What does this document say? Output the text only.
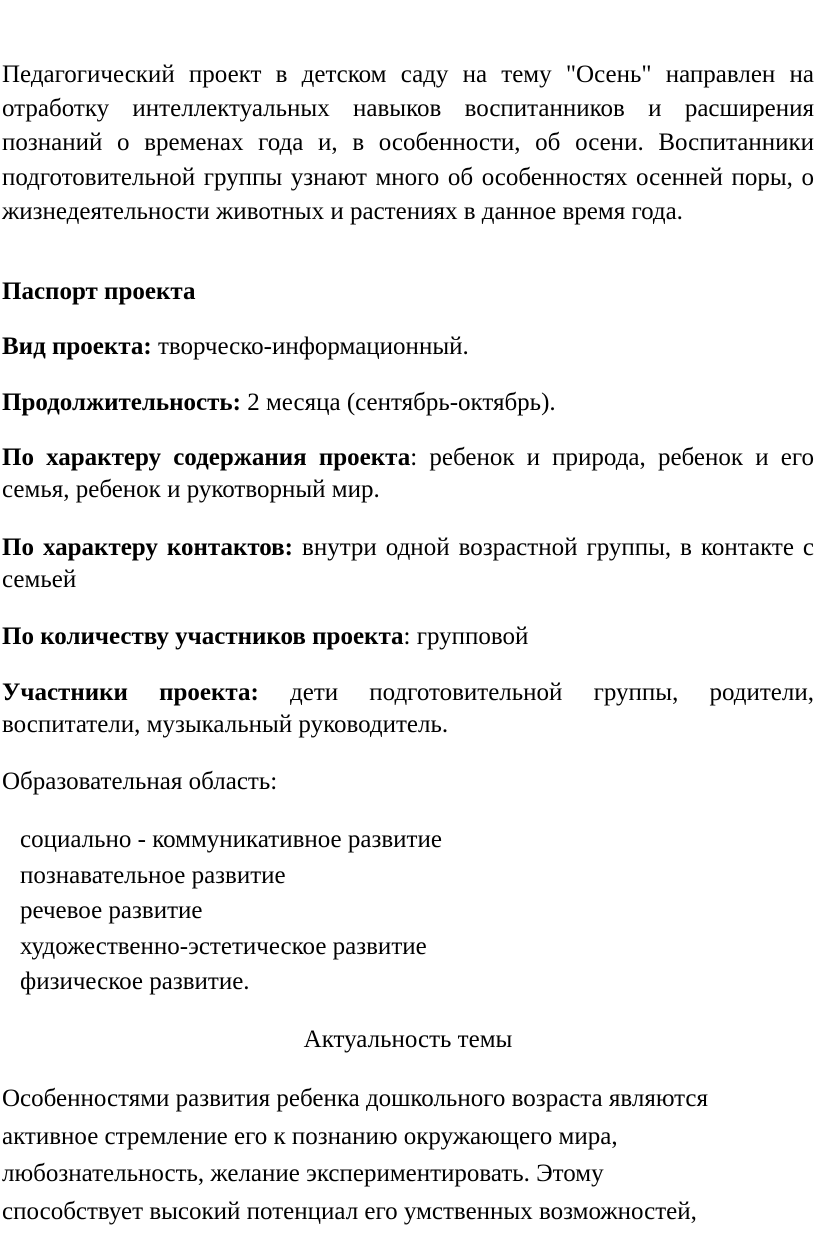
Педагогический проект в детском саду на тему "Осень" направлен на отработку интеллектуальных навыков воспитанников и расширения познаний о временах года и, в особенности, об осени. Воспитанники подготовительной группы узнают много об особенностях осенней поры, о жизнедеятельности животных и растениях в данное время года.

Паспорт проекта

Вид проекта: творческо-информационный.

Продолжительность: 2 месяца (сентябрь-октябрь).

По характеру содержания проекта: ребенок и природа, ребенок и его семья, ребенок и рукотворный мир.

По характеру контактов: внутри одной возрастной группы, в контакте с семьей

По количеству участников проекта: групповой

Участники проекта: дети подготовительной группы, родители, воспитатели, музыкальный руководитель.

Образовательная область:

социально - коммуникативное развитие
познавательное развитие
речевое развитие
художественно-эстетическое развитие
физическое развитие.

Актуальность темы

Особенностями развития ребенка дошкольного возраста являются
активное стремление его к познанию окружающего мира,
любознательность, желание экспериментировать. Этому
способствует высокий потенциал его умственных возможностей,
